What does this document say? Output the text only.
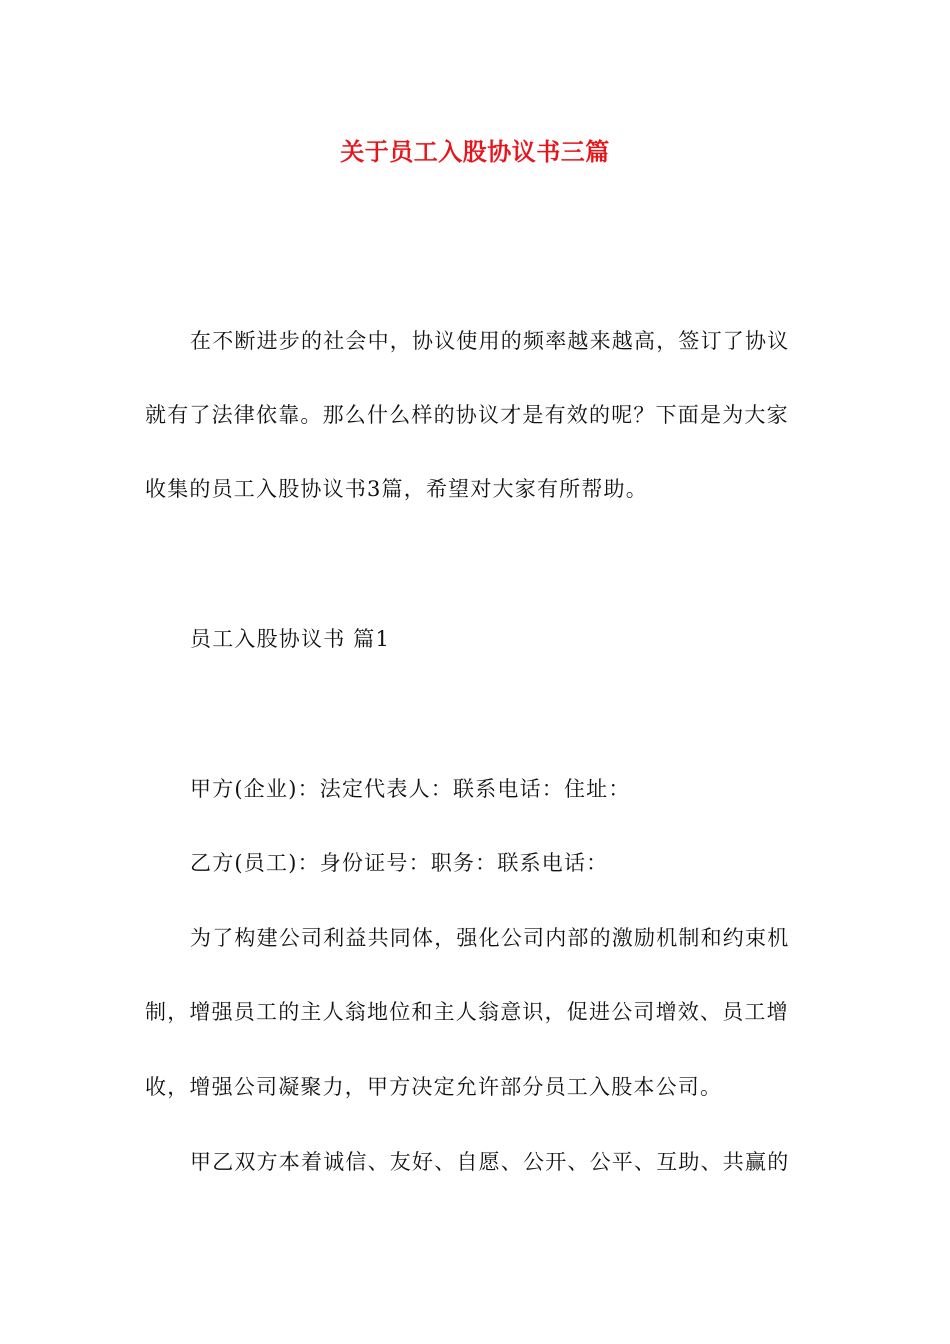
关于员工入股协议书三篇
在不断进步的社会中，协议使用的频率越来越高，签订了协议
就有了法律依靠。那么什么样的协议才是有效的呢？下面是为大家
收集的员工入股协议书3篇，希望对大家有所帮助。
员工入股协议书 篇1
甲方(企业)：法定代表人：联系电话：住址：
乙方(员工)：身份证号：职务：联系电话：
为了构建公司利益共同体，强化公司内部的激励机制和约束机
制，增强员工的主人翁地位和主人翁意识，促进公司增效、员工增
收，增强公司凝聚力，甲方决定允许部分员工入股本公司。
甲乙双方本着诚信、友好、自愿、公开、公平、互助、共赢的
